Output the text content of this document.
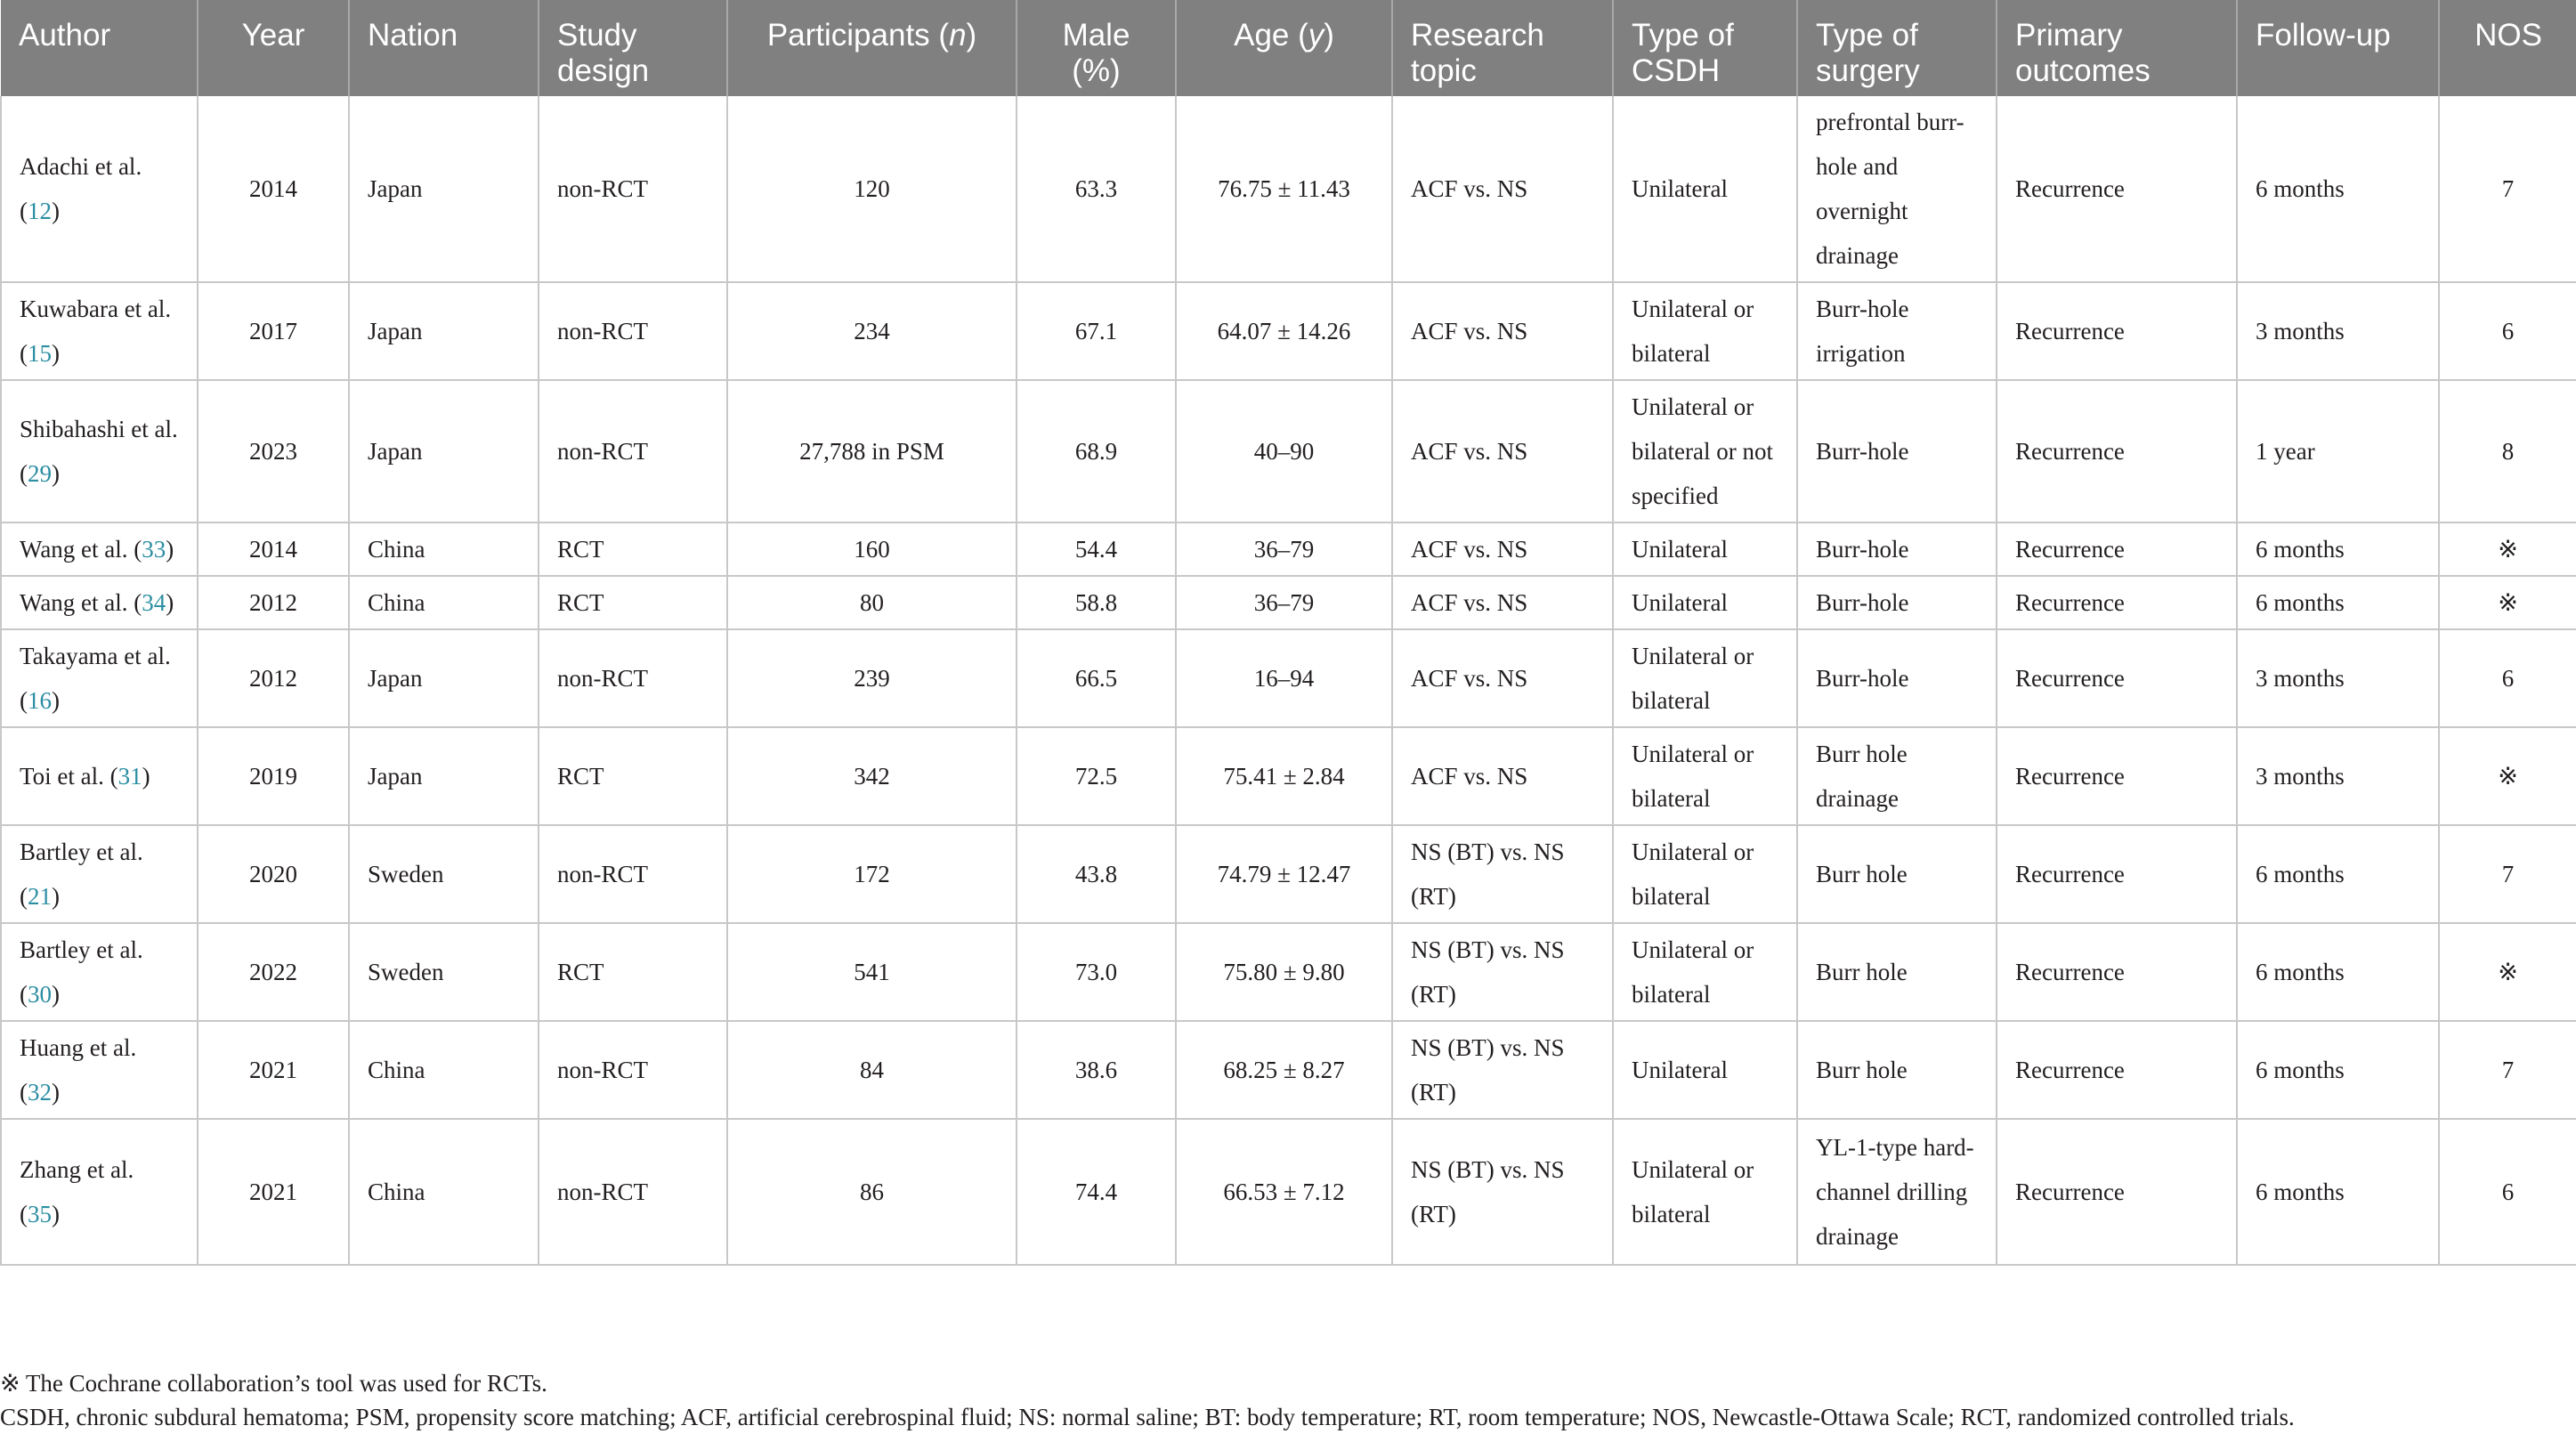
Author	Year	Nation	Study design	Participants (n)	Male (%)	Age (y)	Research topic	Type of CSDH	Type of surgery	Primary outcomes	Follow-up	NOS
Adachi et al. (12)	2014	Japan	non-RCT	120	63.3	76.75 ± 11.43	ACF vs. NS	Unilateral	prefrontal burr-hole and overnight drainage	Recurrence	6 months	7
Kuwabara et al. (15)	2017	Japan	non-RCT	234	67.1	64.07 ± 14.26	ACF vs. NS	Unilateral or bilateral	Burr-hole irrigation	Recurrence	3 months	6
Shibahashi et al. (29)	2023	Japan	non-RCT	27,788 in PSM	68.9	40–90	ACF vs. NS	Unilateral or bilateral or not specified	Burr-hole	Recurrence	1 year	8
Wang et al. (33)	2014	China	RCT	160	54.4	36–79	ACF vs. NS	Unilateral	Burr-hole	Recurrence	6 months	※
Wang et al. (34)	2012	China	RCT	80	58.8	36–79	ACF vs. NS	Unilateral	Burr-hole	Recurrence	6 months	※
Takayama et al. (16)	2012	Japan	non-RCT	239	66.5	16–94	ACF vs. NS	Unilateral or bilateral	Burr-hole	Recurrence	3 months	6
Toi et al. (31)	2019	Japan	RCT	342	72.5	75.41 ± 2.84	ACF vs. NS	Unilateral or bilateral	Burr hole drainage	Recurrence	3 months	※
Bartley et al. (21)	2020	Sweden	non-RCT	172	43.8	74.79 ± 12.47	NS (BT) vs. NS (RT)	Unilateral or bilateral	Burr hole	Recurrence	6 months	7
Bartley et al. (30)	2022	Sweden	RCT	541	73.0	75.80 ± 9.80	NS (BT) vs. NS (RT)	Unilateral or bilateral	Burr hole	Recurrence	6 months	※
Huang et al. (32)	2021	China	non-RCT	84	38.6	68.25 ± 8.27	NS (BT) vs. NS (RT)	Unilateral	Burr hole	Recurrence	6 months	7
Zhang et al. (35)	2021	China	non-RCT	86	74.4	66.53 ± 7.12	NS (BT) vs. NS (RT)	Unilateral or bilateral	YL-1-type hard-channel drilling drainage	Recurrence	6 months	6
※ The Cochrane collaboration’s tool was used for RCTs.
CSDH, chronic subdural hematoma; PSM, propensity score matching; ACF, artificial cerebrospinal fluid; NS: normal saline; BT: body temperature; RT, room temperature; NOS, Newcastle-Ottawa Scale; RCT, randomized controlled trials.
